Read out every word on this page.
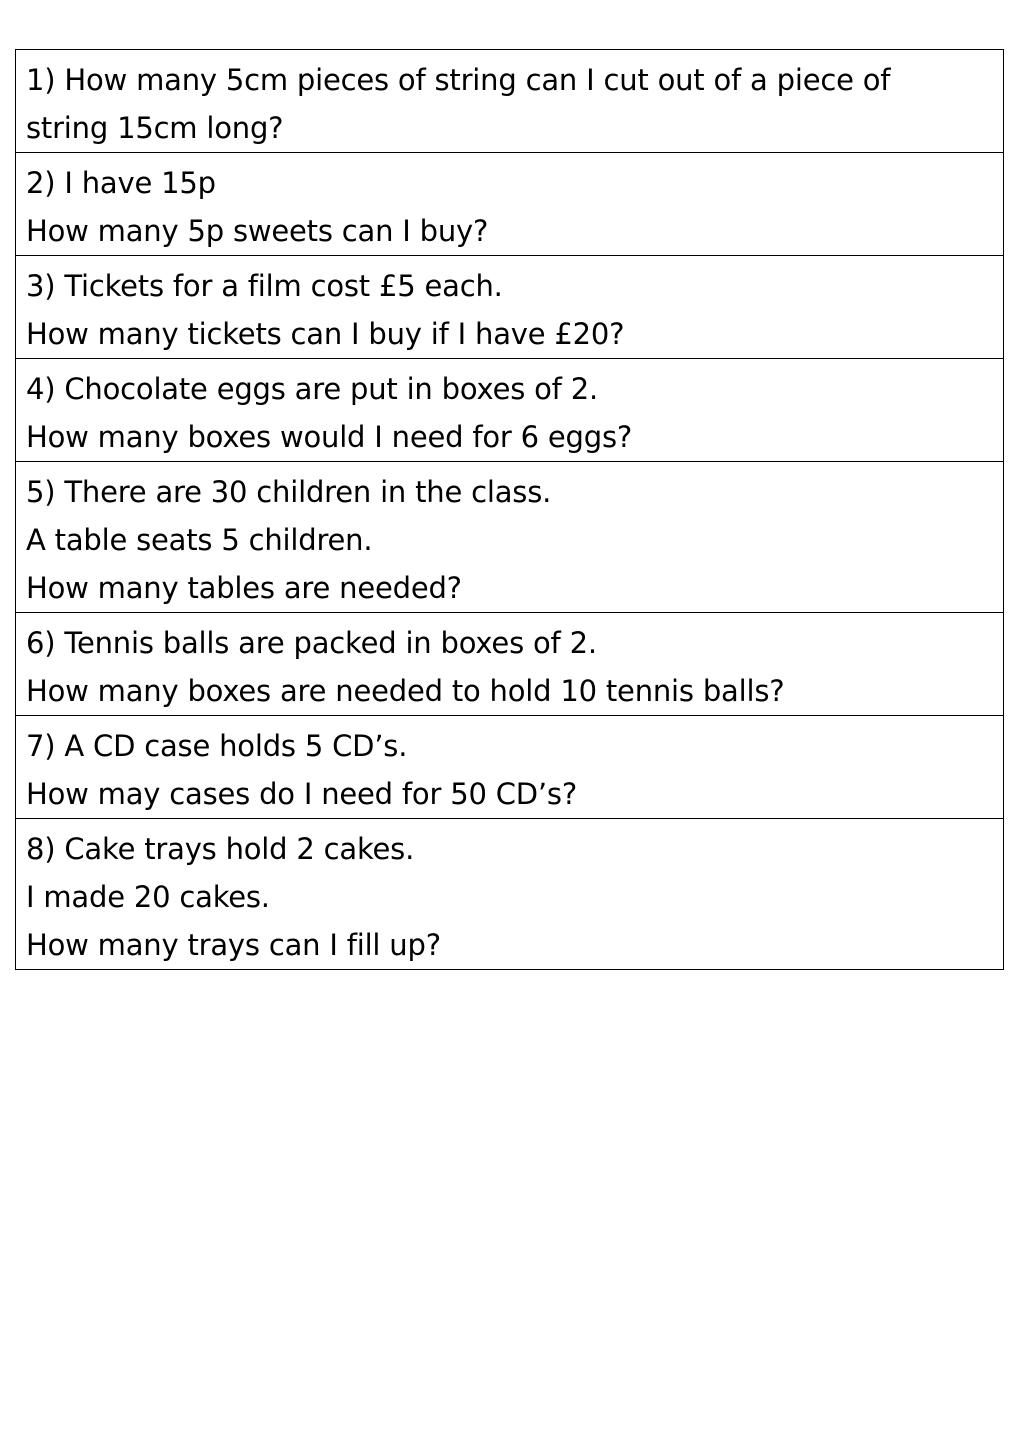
1) How many 5cm pieces of string can I cut out of a piece of
string 15cm long?
2) I have 15p
How many 5p sweets can I buy?
3) Tickets for a film cost £5 each.
How many tickets can I buy if I have £20?
4) Chocolate eggs are put in boxes of 2.
How many boxes would I need for 6 eggs?
5) There are 30 children in the class.
A table seats 5 children.
How many tables are needed?
6) Tennis balls are packed in boxes of 2.
How many boxes are needed to hold 10 tennis balls?
7) A CD case holds 5 CD’s.
How may cases do I need for 50 CD’s?
8) Cake trays hold 2 cakes.
I made 20 cakes.
How many trays can I fill up?
